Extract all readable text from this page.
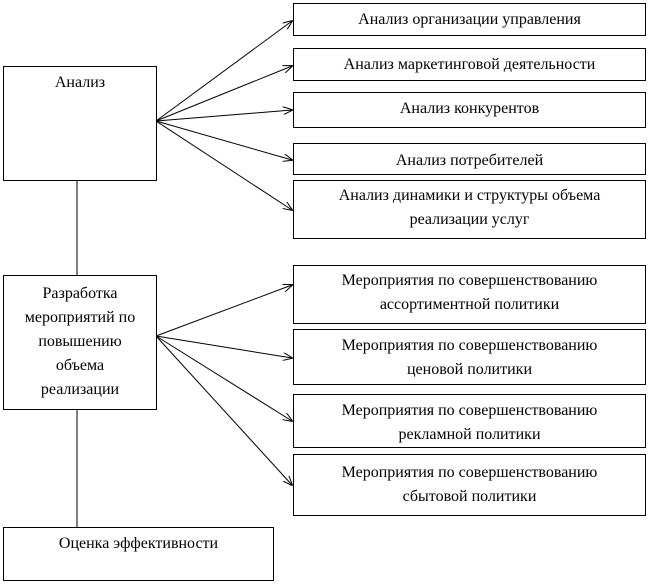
Анализ
Разработка
мероприятий по
повышению
объема
реализации
Оценка эффективности
Анализ организации управления
Анализ маркетинговой деятельности
Анализ конкурентов
Анализ потребителей
Анализ динамики и структуры объема
реализации услуг
Мероприятия по совершенствованию
ассортиментной политики
Мероприятия по совершенствованию
ценовой политики
Мероприятия по совершенствованию
рекламной политики
Мероприятия по совершенствованию
сбытовой политики
